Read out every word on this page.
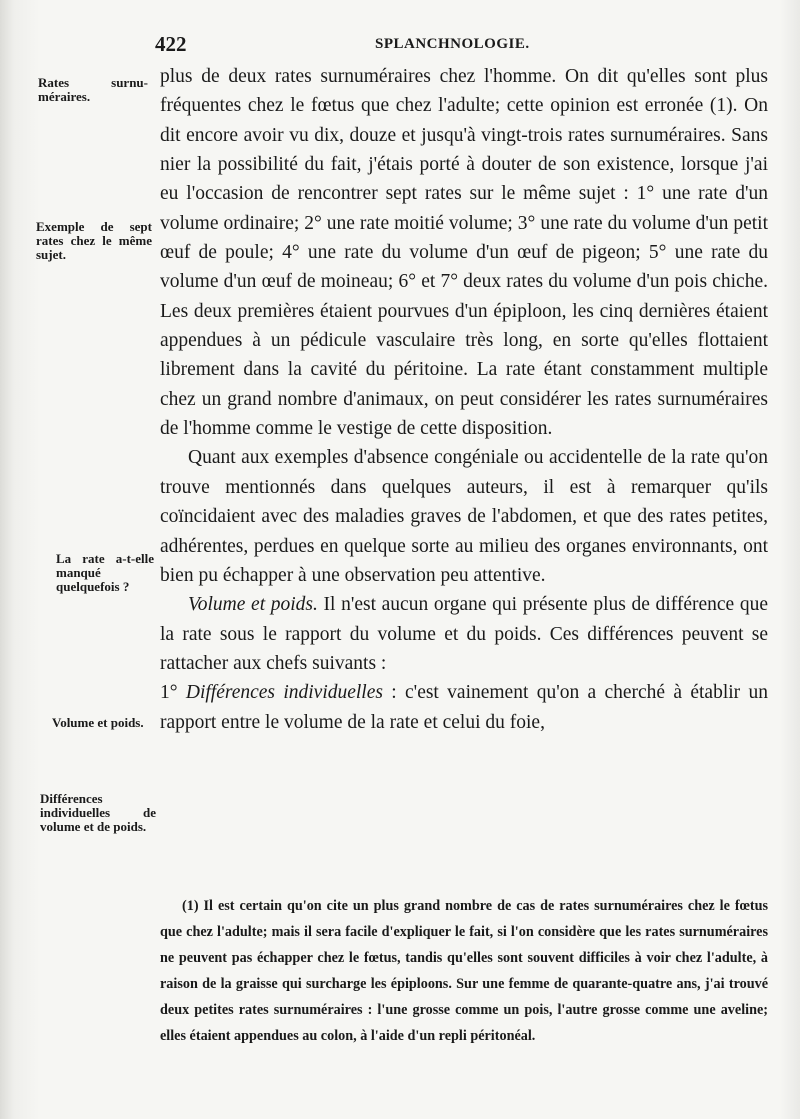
422	SPLANCHNOLOGIE.
Rates surnu-méraires.
Exemple de sept rates chez le même sujet.
La rate a-t-elle manqué quelquefois ?
Volume et poids.
Différences individuelles de volume et de poids.

plus de deux rates surnuméraires chez l'homme. On dit qu'elles sont plus fréquentes chez le fœtus que chez l'adulte; cette opinion est erronée (1). On dit encore avoir vu dix, douze et jusqu'à vingt-trois rates surnuméraires. Sans nier la possibilité du fait, j'étais porté à douter de son existence, lorsque j'ai eu l'occasion de rencontrer sept rates sur le même sujet : 1° une rate d'un volume ordinaire; 2° une rate moitié volume; 3° une rate du volume d'un petit œuf de poule; 4° une rate du volume d'un œuf de pigeon; 5° une rate du volume d'un œuf de moineau; 6° et 7° deux rates du volume d'un pois chiche. Les deux premières étaient pourvues d'un épiploon, les cinq dernières étaient appendues à un pédicule vasculaire très long, en sorte qu'elles flottaient librement dans la cavité du péritoine. La rate étant constamment multiple chez un grand nombre d'animaux, on peut considérer les rates surnuméraires de l'homme comme le vestige de cette disposition.

Quant aux exemples d'absence congéniale ou accidentelle de la rate qu'on trouve mentionnés dans quelques auteurs, il est à remarquer qu'ils coïncidaient avec des maladies graves de l'abdomen, et que des rates petites, adhérentes, perdues en quelque sorte au milieu des organes environnants, ont bien pu échapper à une observation peu attentive.

Volume et poids. Il n'est aucun organe qui présente plus de différence que la rate sous le rapport du volume et du poids. Ces différences peuvent se rattacher aux chefs suivants :

1° Différences individuelles : c'est vainement qu'on a cherché à établir un rapport entre le volume de la rate et celui du foie,

(1) Il est certain qu'on cite un plus grand nombre de cas de rates surnuméraires chez le fœtus que chez l'adulte; mais il sera facile d'expliquer le fait, si l'on considère que les rates surnuméraires ne peuvent pas échapper chez le fœtus, tandis qu'elles sont souvent difficiles à voir chez l'adulte, à raison de la graisse qui surcharge les épiploons. Sur une femme de quarante-quatre ans, j'ai trouvé deux petites rates surnuméraires : l'une grosse comme un pois, l'autre grosse comme une aveline; elles étaient appendues au colon, à l'aide d'un repli péritonéal.
